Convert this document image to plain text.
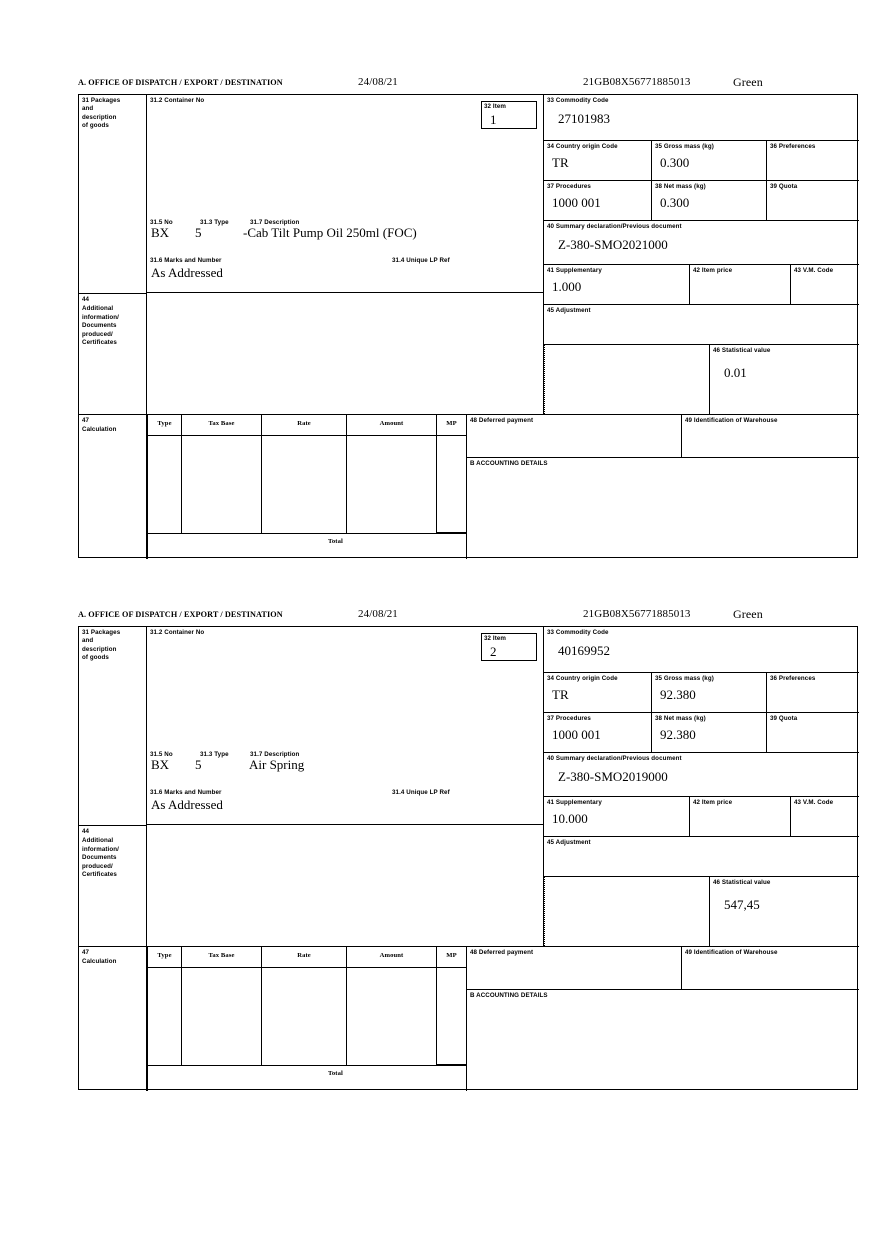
A. OFFICE OF DISPATCH / EXPORT / DESTINATION	24/08/21	21GB08X56771885013	Green
31 Packages
and
description
of goods
31.2 Container No
31.5 No	31.3 Type	31.7 Description
BX	5	-Cab Tilt Pump Oil 250ml (FOC)
31.6 Marks and Number	31.4 Unique LP Ref
As Addressed
32 Item
1
33 Commodity Code
27101983
34 Country origin Code
TR
35 Gross mass (kg)
0.300
36 Preferences
37 Procedures
1000 001
38 Net mass (kg)
0.300
39 Quota
40 Summary declaration/Previous document
Z-380-SMO2021000
41 Supplementary
1.000
42 Item price	43 V.M. Code
44
Additional
information/
Documents
produced/
Certificates
45 Adjustment
46 Statistical value
0.01
47
Calculation
Type	Tax Base	Rate	Amount	MP
Total
48 Deferred payment	49 Identification of Warehouse
B ACCOUNTING DETAILS
A. OFFICE OF DISPATCH / EXPORT / DESTINATION	24/08/21	21GB08X56771885013	Green
31 Packages
and
description
of goods
31.2 Container No
31.5 No	31.3 Type	31.7 Description
BX	5	Air Spring
31.6 Marks and Number	31.4 Unique LP Ref
As Addressed
32 Item
2
33 Commodity Code
40169952
34 Country origin Code
TR
35 Gross mass (kg)
92.380
36 Preferences
37 Procedures
1000 001
38 Net mass (kg)
92.380
39 Quota
40 Summary declaration/Previous document
Z-380-SMO2019000
41 Supplementary
10.000
42 Item price	43 V.M. Code
44
Additional
information/
Documents
produced/
Certificates
45 Adjustment
46 Statistical value
547,45
47
Calculation
Type	Tax Base	Rate	Amount	MP
Total
48 Deferred payment	49 Identification of Warehouse
B ACCOUNTING DETAILS
